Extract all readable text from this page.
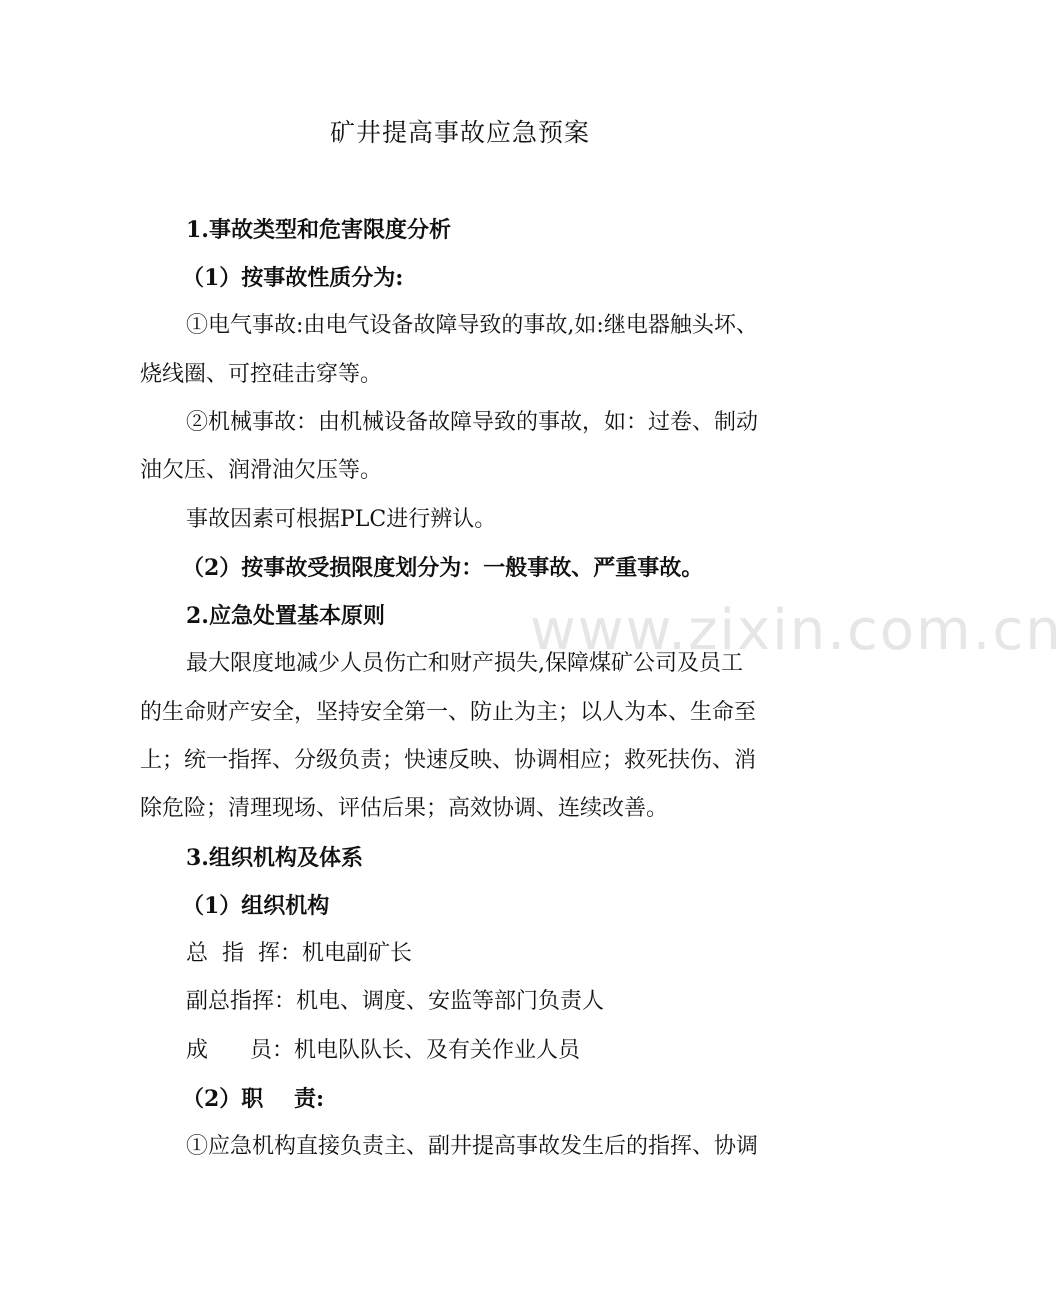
www.zixin.com.cn
矿井提高事故应急预案
1.事故类型和危害限度分析
（1）按事故性质分为:
①电气事故:由电气设备故障导致的事故,如:继电器触头坏、
烧线圈、可控硅击穿等。
②机械事故：由机械设备故障导致的事故，如：过卷、制动
油欠压、润滑油欠压等。
事故因素可根据PLC进行辨认。
（2）按事故受损限度划分为：一般事故、严重事故。
2.应急处置基本原则
最大限度地减少人员伤亡和财产损失,保障煤矿公司及员工
的生命财产安全，坚持安全第一、防止为主；以人为本、生命至
上；统一指挥、分级负责；快速反映、协调相应；救死扶伤、消
除危险；清理现场、评估后果；高效协调、连续改善。
3.组织机构及体系
（1）组织机构
总  指  挥：机电副矿长
副总指挥：机电、调度、安监等部门负责人
成      员：机电队队长、及有关作业人员
（2）职    责:
①应急机构直接负责主、副井提高事故发生后的指挥、协调
